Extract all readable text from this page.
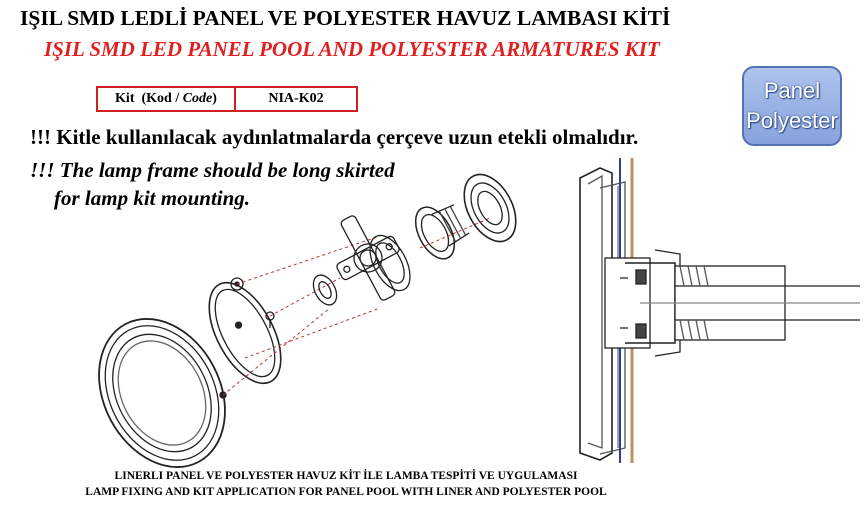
IŞIL SMD LEDLİ PANEL VE POLYESTER HAVUZ LAMBASI KİTİ
IŞIL SMD LED PANEL POOL AND POLYESTER ARMATURES KIT
Kit  (Kod / Code )	NIA-K02	Panel
Polyester
!!! Kitle kullanılacak aydınlatmalarda çerçeve uzun etekli olmalıdır.
!!! The lamp frame should be long skirted
for lamp kit mounting.
LINERLI PANEL VE POLYESTER HAVUZ KİT İLE LAMBA TESPİTİ VE UYGULAMASI
LAMP FIXING AND KIT APPLICATION FOR PANEL POOL WITH LINER AND POLYESTER POOL
